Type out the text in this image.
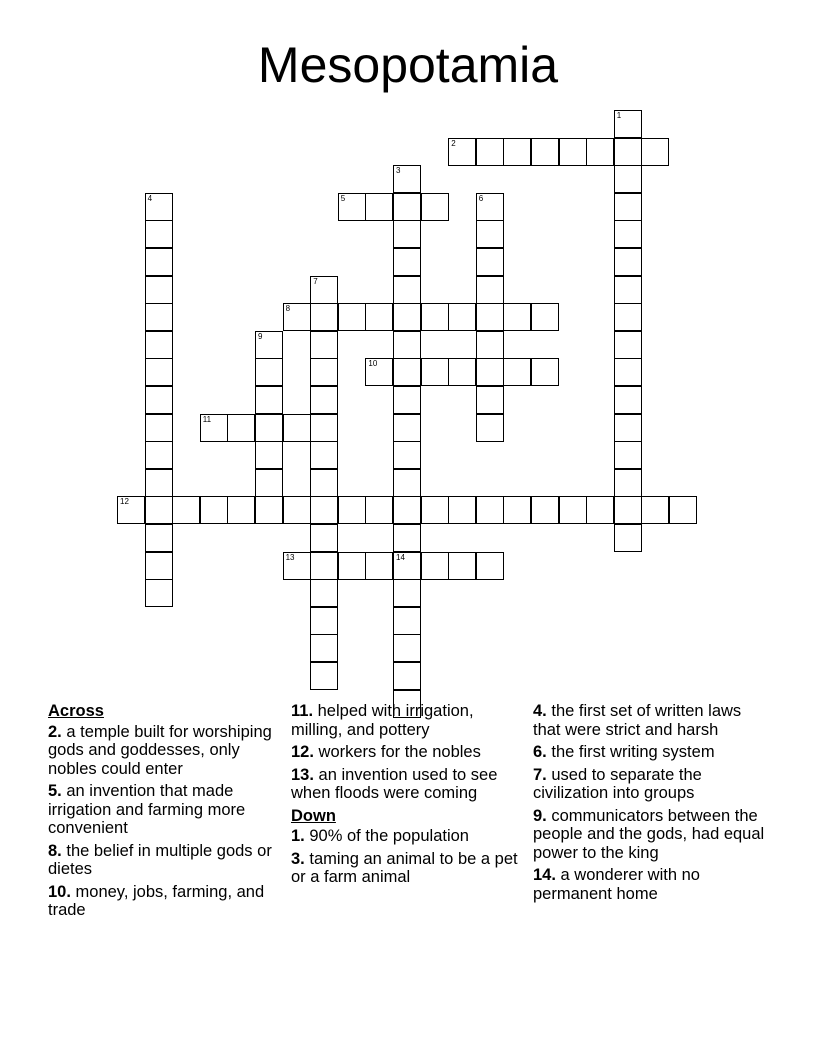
Mesopotamia
1
2
3
14
4	5	6
7
8
9
10
11
12
13
Across
2. a temple built for worshiping gods and goddesses, only nobles could enter
5. an invention that made irrigation and farming more convenient
8. the belief in multiple gods or dietes
10. money, jobs, farming, and trade
11. helped with irrigation, milling, and pottery
12. workers for the nobles
13. an invention used to see when floods were coming
Down
1. 90% of the population
3. taming an animal to be a pet or a farm animal
4. the first set of written laws that were strict and harsh
6. the first writing system
7. used to separate the civilization into groups
9. communicators between the people and the gods, had equal power to the king
14. a wonderer with no permanent home
